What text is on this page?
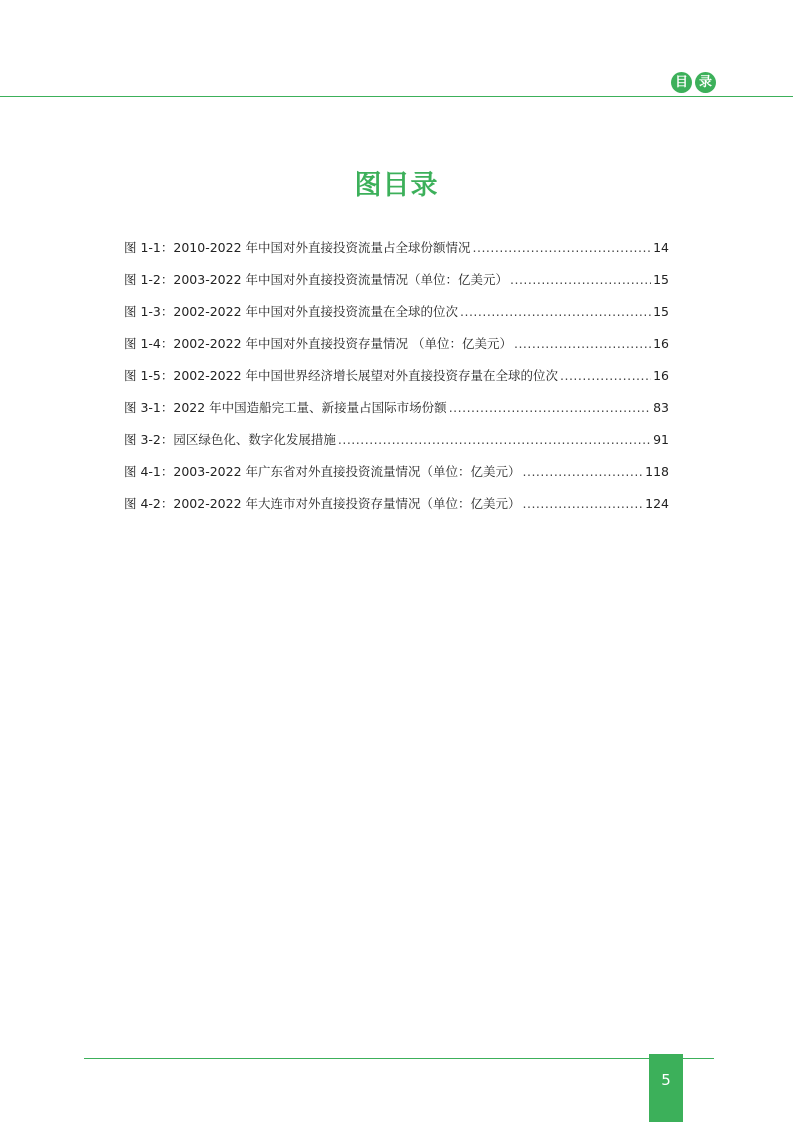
目 录
图目录
图 1-1：2010-2022 年中国对外直接投资流量占全球份额情况 .....	14
图 1-2：2003-2022 年中国对外直接投资流量情况（单位：亿美元） .....	15
图 1-3：2002-2022 年中国对外直接投资流量在全球的位次 .....	15
图 1-4：2002-2022 年中国对外直接投资存量情况 （单位：亿美元） .....	16
图 1-5：2002-2022 年中国世界经济增长展望对外直接投资存量在全球的位次 .....	16
图 3-1：2022 年中国造船完工量、新接量占国际市场份额 .....	83
图 3-2：园区绿色化、数字化发展措施 .....	91
图 4-1：2003-2022 年广东省对外直接投资流量情况（单位：亿美元） .....	118
图 4-2：2002-2022 年大连市对外直接投资存量情况（单位：亿美元） .....	124
5
